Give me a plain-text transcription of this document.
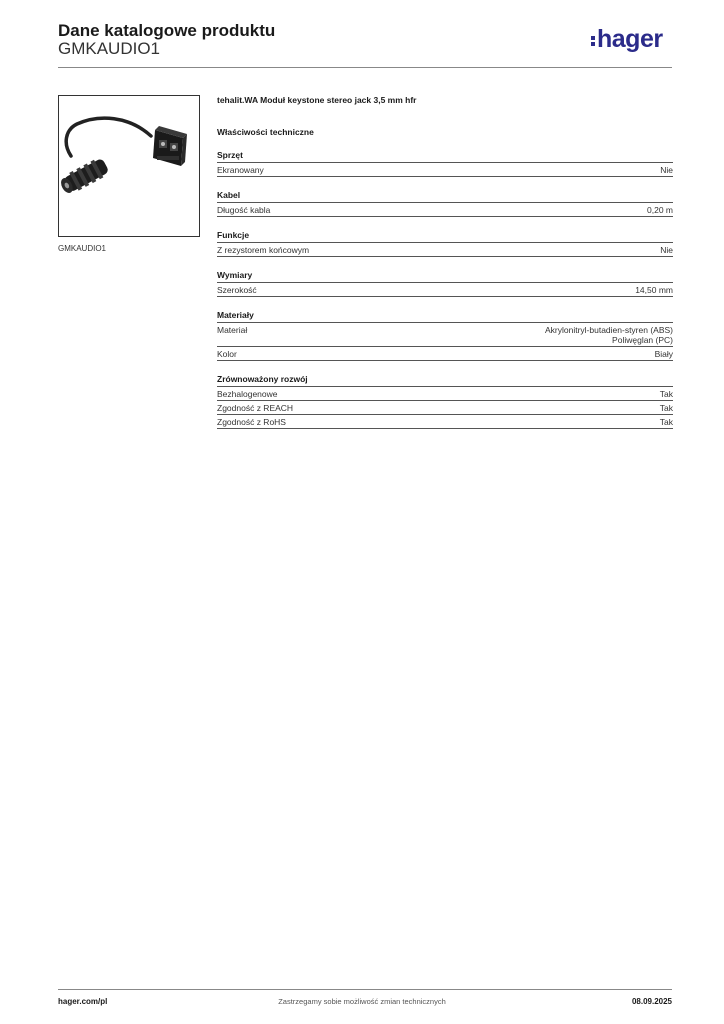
Dane katalogowe produktu
GMKAUDIO1	hager
GMKAUDIO1
tehalit.WA Moduł keystone stereo jack 3,5 mm hfr
Właściwości techniczne
Sprzęt
Ekranowany	Nie
Kabel
Długość kabla	0,20 m
Funkcje
Z rezystorem końcowym	Nie
Wymiary
Szerokość	14,50 mm
Materiały
Materiał	Akrylonitryl-butadien-styren (ABS)
Poliwęglan (PC)
Kolor	Biały
Zrównoważony rozwój
Bezhalogenowe	Tak
Zgodność z REACH	Tak
Zgodność z RoHS	Tak
hager.com/pl	Zastrzegamy sobie możliwość zmian technicznych	08.09.2025
